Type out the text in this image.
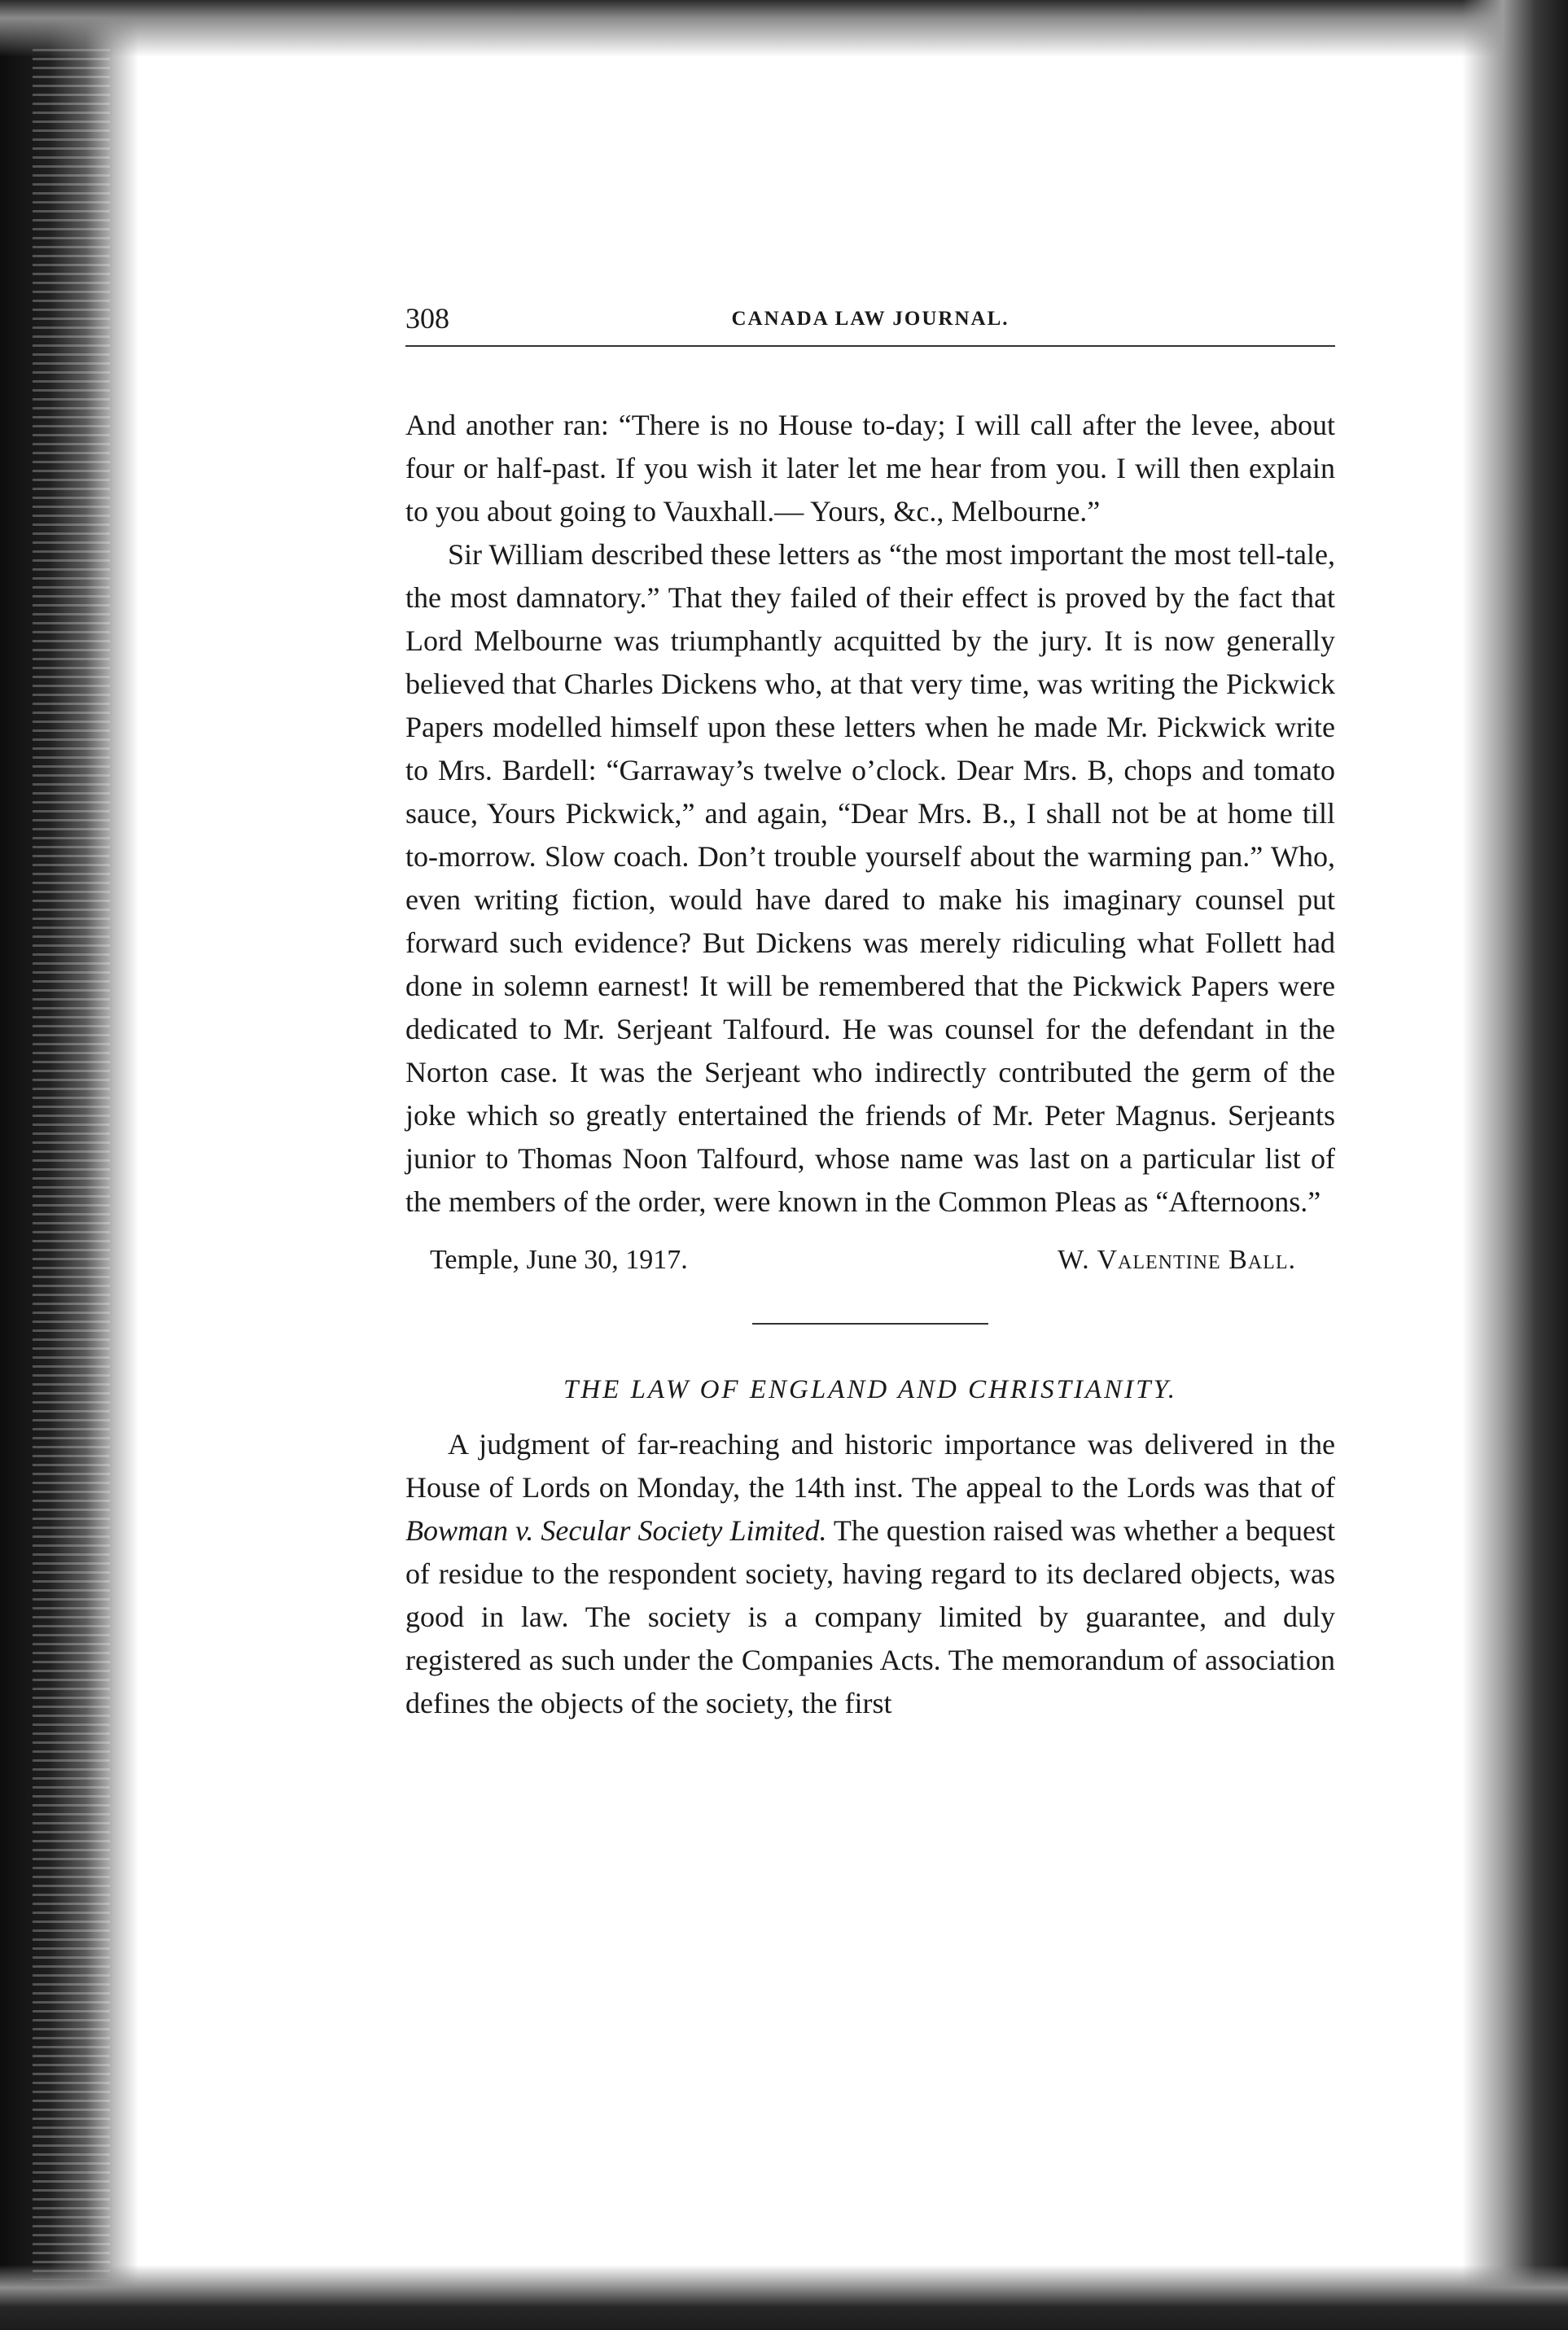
308	CANADA LAW JOURNAL.

And another ran: “There is no House to-day; I will call after the levee, about four or half-past. If you wish it later let me hear from you. I will then explain to you about going to Vauxhall.— Yours, &c., Melbourne.”

Sir William described these letters as “the most important the most tell-tale, the most damnatory.” That they failed of their effect is proved by the fact that Lord Melbourne was triumphantly acquitted by the jury. It is now generally believed that Charles Dickens who, at that very time, was writing the Pickwick Papers modelled himself upon these letters when he made Mr. Pickwick write to Mrs. Bardell: “Garraway’s twelve o’clock. Dear Mrs. B, chops and tomato sauce, Yours Pickwick,” and again, “Dear Mrs. B., I shall not be at home till to-morrow. Slow coach. Don’t trouble yourself about the warming pan.” Who, even writing fiction, would have dared to make his imaginary counsel put forward such evidence? But Dickens was merely ridiculing what Follett had done in solemn earnest! It will be remembered that the Pickwick Papers were dedicated to Mr. Serjeant Talfourd. He was counsel for the defendant in the Norton case. It was the Serjeant who indirectly contributed the germ of the joke which so greatly entertained the friends of Mr. Peter Magnus. Serjeants junior to Thomas Noon Talfourd, whose name was last on a particular list of the members of the order, were known in the Common Pleas as “Afternoons.”

Temple, June 30, 1917.	W. Valentine Ball.
THE LAW OF ENGLAND AND CHRISTIANITY.

A judgment of far-reaching and historic importance was delivered in the House of Lords on Monday, the 14th inst. The appeal to the Lords was that of Bowman v. Secular Society Limited. The question raised was whether a bequest of residue to the respondent society, having regard to its declared objects, was good in law. The society is a company limited by guarantee, and duly registered as such under the Companies Acts. The memorandum of association defines the objects of the society, the first
